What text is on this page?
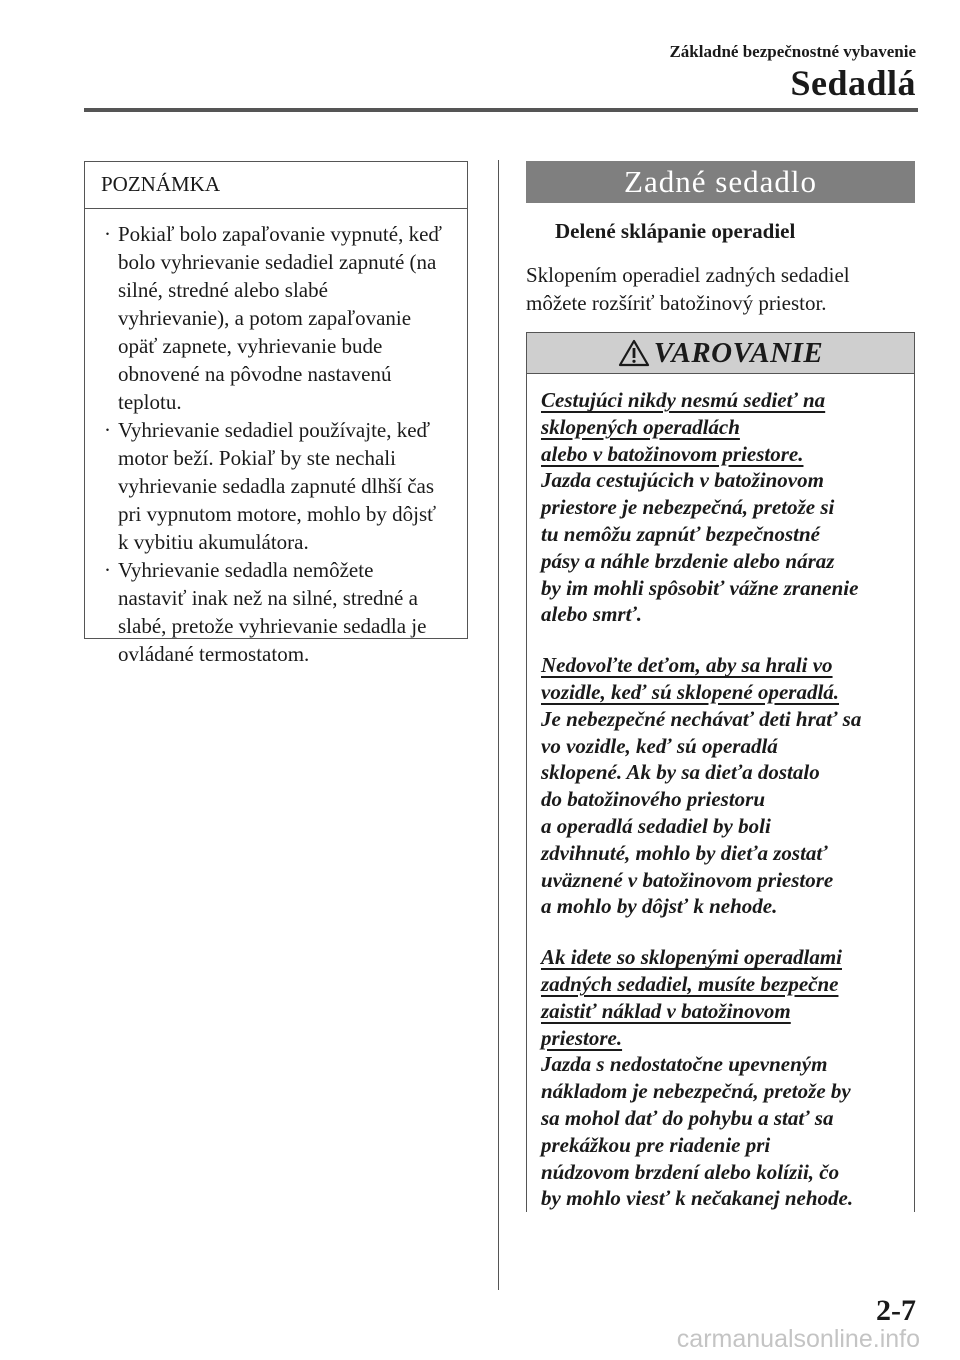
Základné bezpečnostné vybavenie
Sedadlá
POZNÁMKA
· Pokiaľ bolo zapaľovanie vypnuté, keď
bolo vyhrievanie sedadiel zapnuté (na
silné, stredné alebo slabé
vyhrievanie), a potom zapaľovanie
opäť zapnete, vyhrievanie bude
obnovené na pôvodne nastavenú
teplotu.
· Vyhrievanie sedadiel používajte, keď
motor beží. Pokiaľ by ste nechali
vyhrievanie sedadla zapnuté dlhší čas
pri vypnutom motore, mohlo by dôjsť
k vybitiu akumulátora.
· Vyhrievanie sedadla nemôžete
nastaviť inak než na silné, stredné a
slabé, pretože vyhrievanie sedadla je
ovládané termostatom.
Zadné sedadlo
Delené sklápanie operadiel
Sklopením operadiel zadných sedadiel
môžete rozšíriť batožinový priestor.
VAROVANIE
Cestujúci nikdy nesmú sedieť na
sklopených operadlách
alebo v batožinovom priestore.
Jazda cestujúcich v batožinovom
priestore je nebezpečná, pretože si
tu nemôžu zapnúť bezpečnostné
pásy a náhle brzdenie alebo náraz
by im mohli spôsobiť vážne zranenie
alebo smrť.
Nedovoľte deťom, aby sa hrali vo
vozidle, keď sú sklopené operadlá.
Je nebezpečné nechávať deti hrať sa
vo vozidle, keď sú operadlá
sklopené. Ak by sa dieťa dostalo
do batožinového priestoru
a operadlá sedadiel by boli
zdvihnuté, mohlo by dieťa zostať
uväznené v batožinovom priestore
a mohlo by dôjsť k nehode.
Ak idete so sklopenými operadlami
zadných sedadiel, musíte bezpečne
zaistiť náklad v batožinovom
priestore.
Jazda s nedostatočne upevneným
nákladom je nebezpečná, pretože by
sa mohol dať do pohybu a stať sa
prekážkou pre riadenie pri
núdzovom brzdení alebo kolízii, čo
by mohlo viesť k nečakanej nehode.
2-7
carmanualsonline.info
